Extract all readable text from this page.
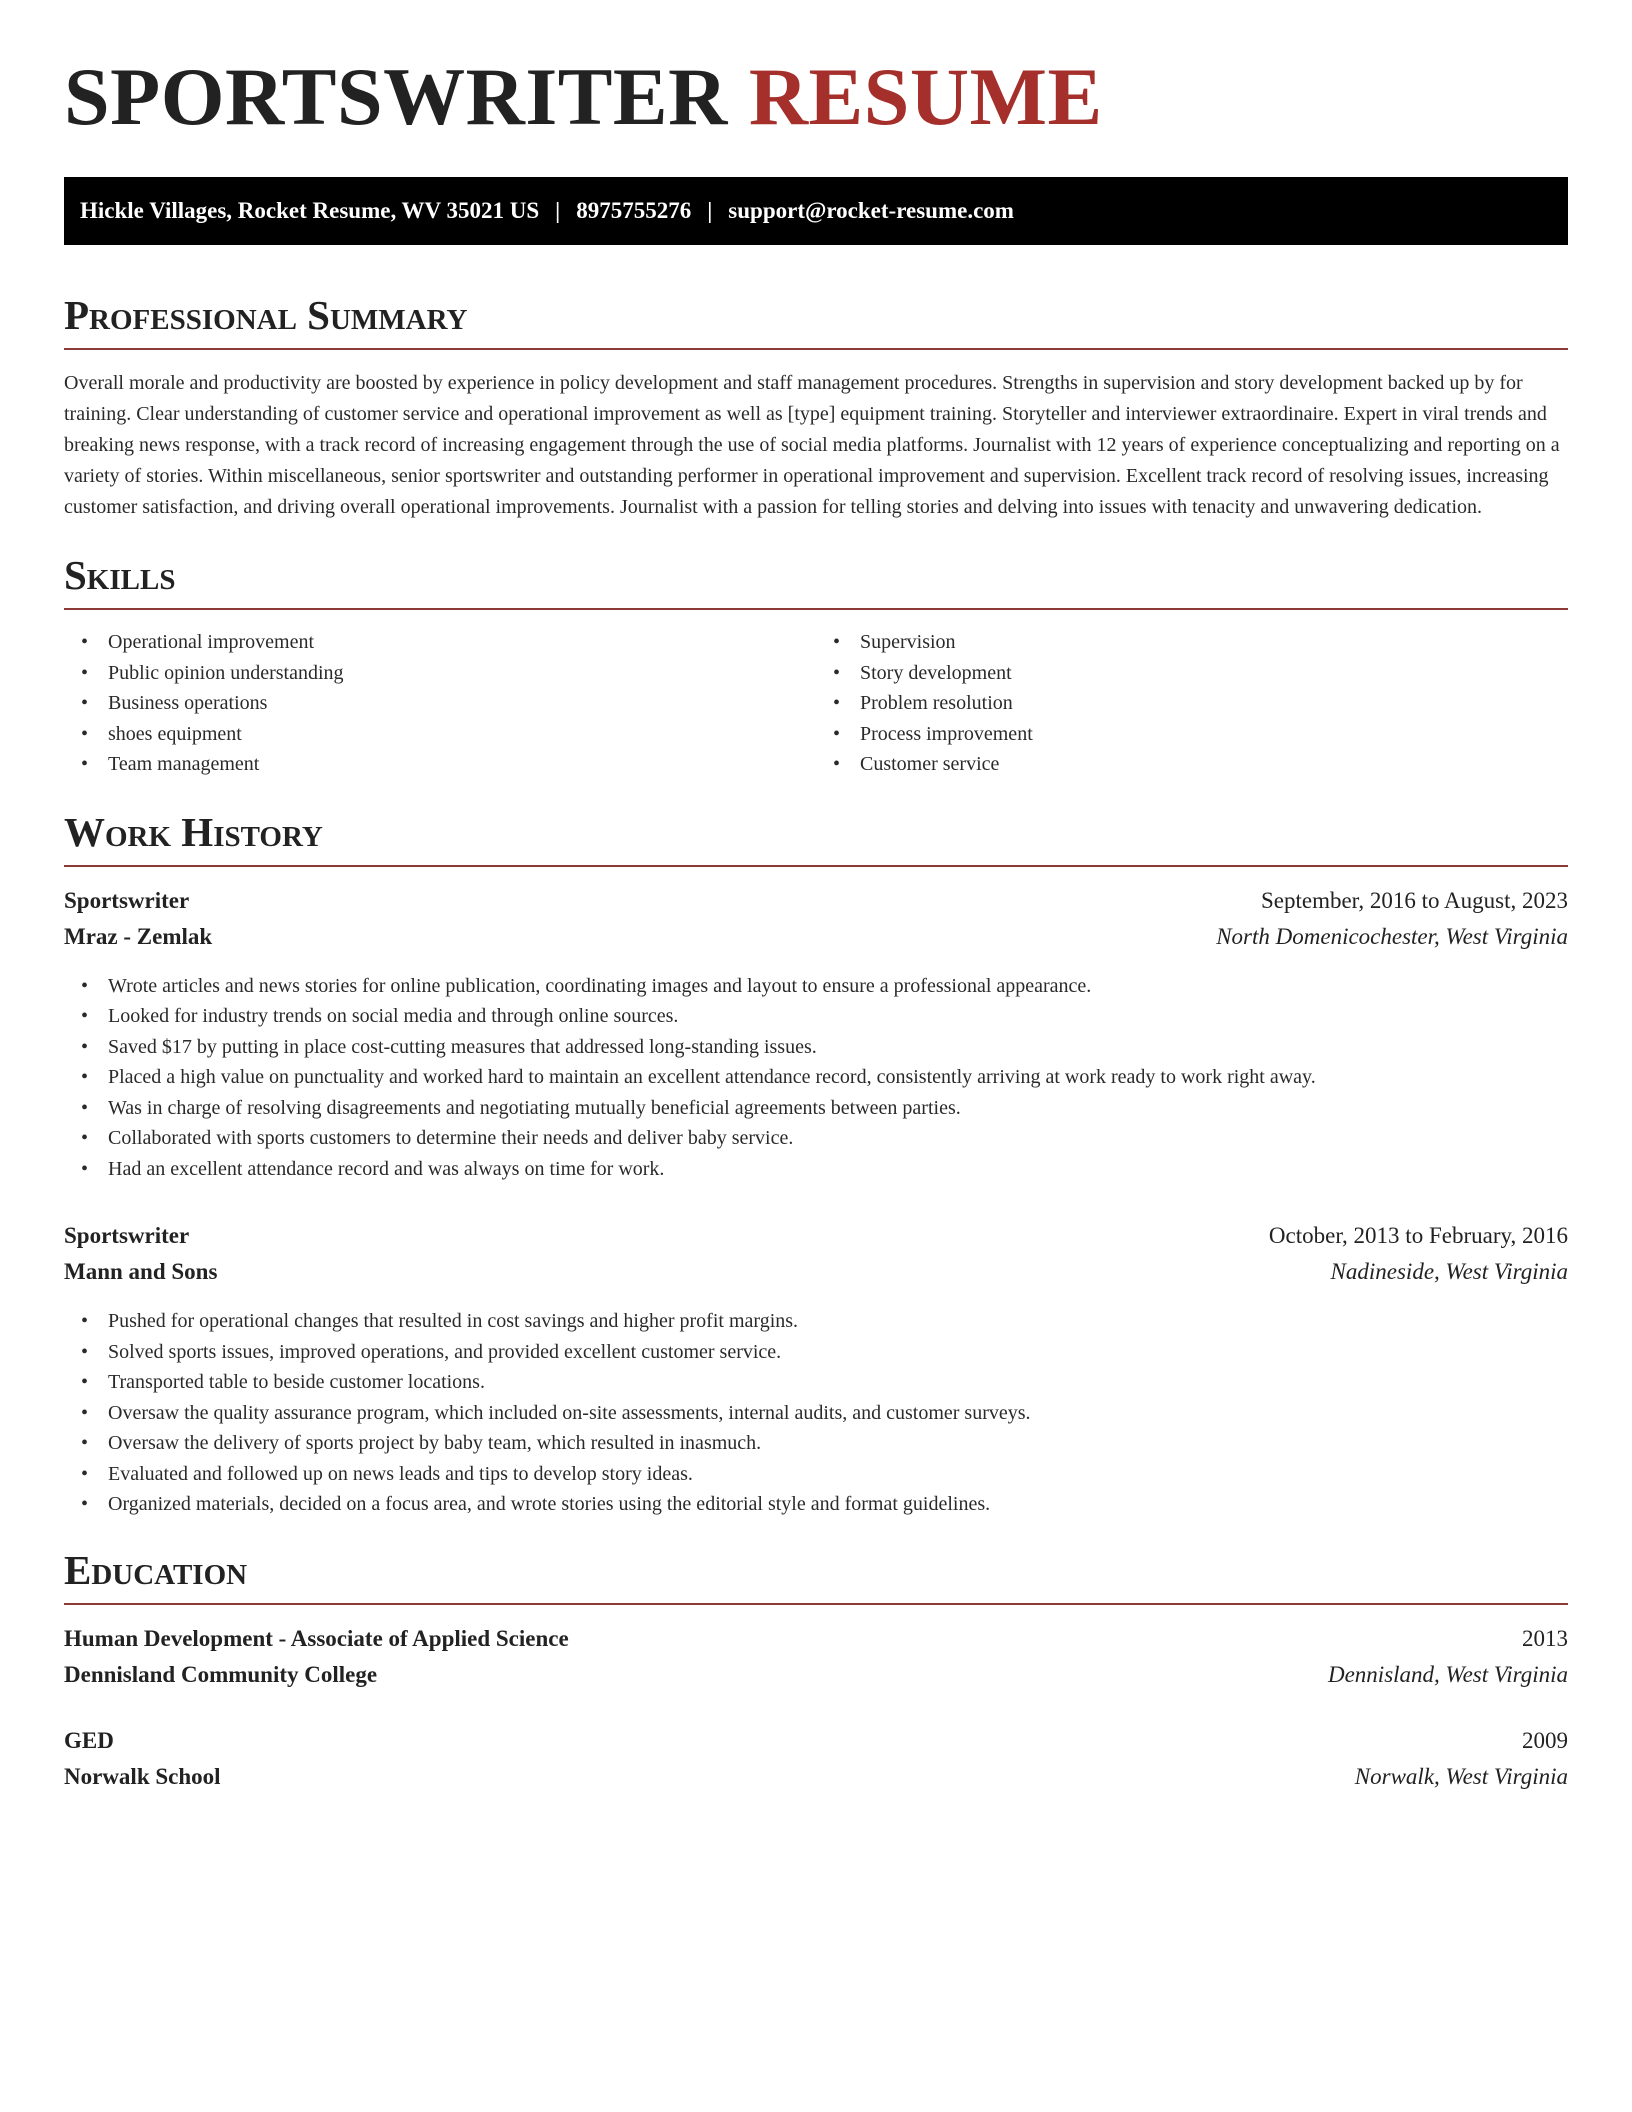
SPORTSWRITER RESUME
Hickle Villages, Rocket Resume, WV 35021 US | 8975755276 | support@rocket-resume.com
Professional Summary

Overall morale and productivity are boosted by experience in policy development and staff management procedures. Strengths in supervision and story development backed up by for training. Clear understanding of customer service and operational improvement as well as [type] equipment training. Storyteller and interviewer extraordinaire. Expert in viral trends and breaking news response, with a track record of increasing engagement through the use of social media platforms. Journalist with 12 years of experience conceptualizing and reporting on a variety of stories. Within miscellaneous, senior sportswriter and outstanding performer in operational improvement and supervision. Excellent track record of resolving issues, increasing customer satisfaction, and driving overall operational improvements. Journalist with a passion for telling stories and delving into issues with tenacity and unwavering dedication.

Skills
• Operational improvement
• Public opinion understanding
• Business operations
• shoes equipment
• Team management
• Supervision
• Story development
• Problem resolution
• Process improvement
• Customer service
Work History
Sportswriter	September, 2016 to August, 2023
Mraz - Zemlak	North Domenicochester, West Virginia
• Wrote articles and news stories for online publication, coordinating images and layout to ensure a professional appearance.
• Looked for industry trends on social media and through online sources.
• Saved $17 by putting in place cost-cutting measures that addressed long-standing issues.
• Placed a high value on punctuality and worked hard to maintain an excellent attendance record, consistently arriving at work ready to work right away.
• Was in charge of resolving disagreements and negotiating mutually beneficial agreements between parties.
• Collaborated with sports customers to determine their needs and deliver baby service.
• Had an excellent attendance record and was always on time for work.
Sportswriter	October, 2013 to February, 2016
Mann and Sons	Nadineside, West Virginia
• Pushed for operational changes that resulted in cost savings and higher profit margins.
• Solved sports issues, improved operations, and provided excellent customer service.
• Transported table to beside customer locations.
• Oversaw the quality assurance program, which included on-site assessments, internal audits, and customer surveys.
• Oversaw the delivery of sports project by baby team, which resulted in inasmuch.
• Evaluated and followed up on news leads and tips to develop story ideas.
• Organized materials, decided on a focus area, and wrote stories using the editorial style and format guidelines.
Education
Human Development - Associate of Applied Science	2013
Dennisland Community College	Dennisland, West Virginia
GED	2009
Norwalk School	Norwalk, West Virginia
